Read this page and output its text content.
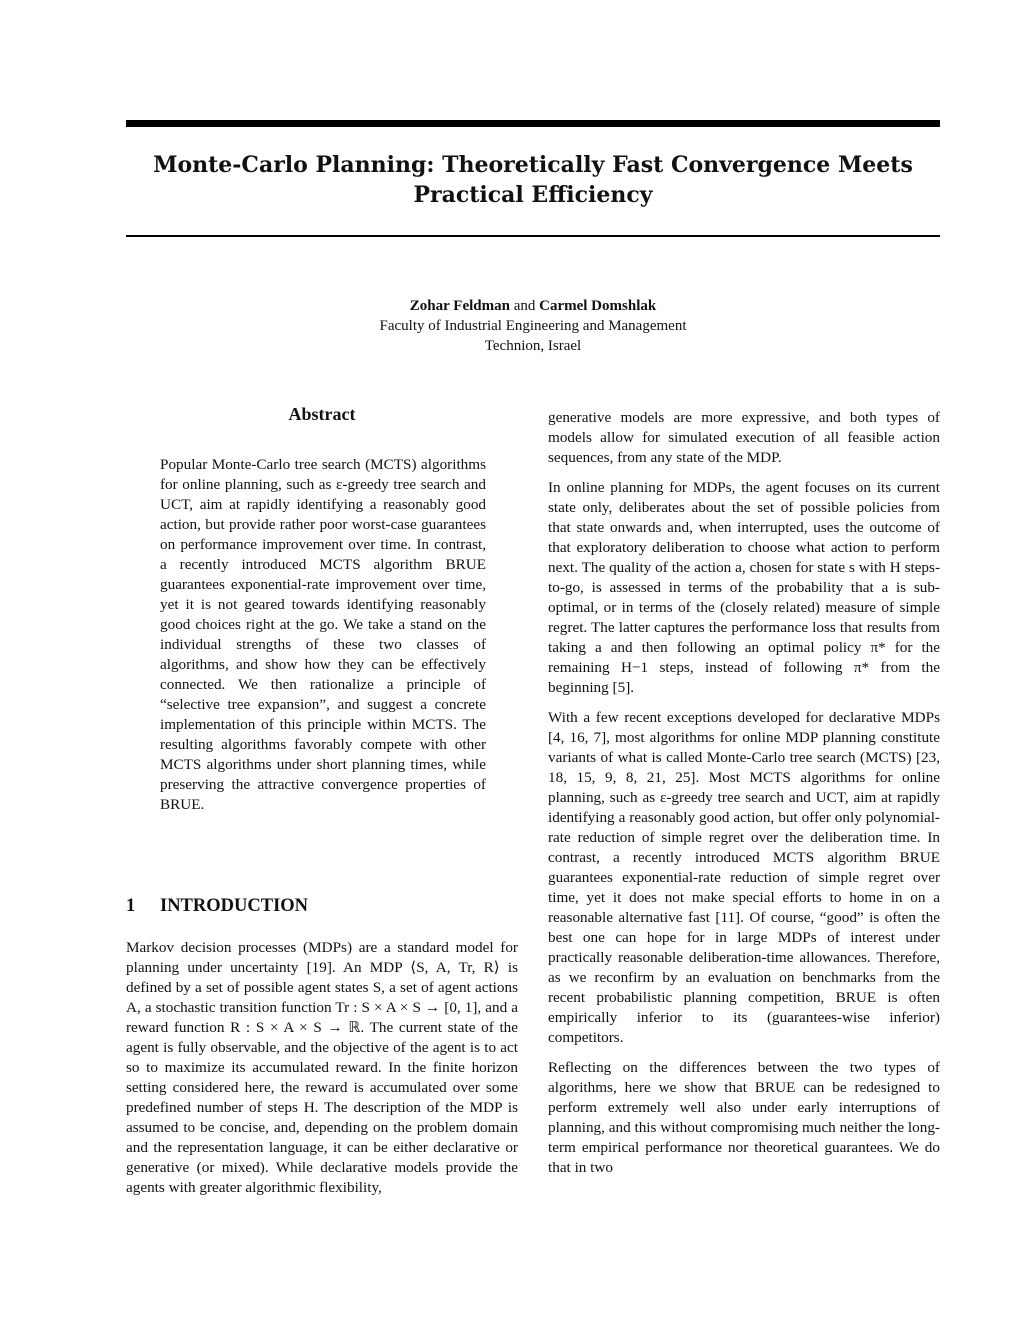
Monte-Carlo Planning: Theoretically Fast Convergence Meets
Practical Efficiency
Zohar Feldman and Carmel Domshlak
Faculty of Industrial Engineering and Management
Technion, Israel
Abstract

Popular Monte-Carlo tree search (MCTS) algorithms for online planning, such as ε-greedy tree search and UCT, aim at rapidly identifying a reasonably good action, but provide rather poor worst-case guarantees on performance improvement over time. In contrast, a recently introduced MCTS algorithm BRUE guarantees exponential-rate improvement over time, yet it is not geared towards identifying reasonably good choices right at the go. We take a stand on the individual strengths of these two classes of algorithms, and show how they can be effectively connected. We then rationalize a principle of “selective tree expansion”, and suggest a concrete implementation of this principle within MCTS. The resulting algorithms favorably compete with other MCTS algorithms under short planning times, while preserving the attractive convergence properties of BRUE.

1 INTRODUCTION

Markov decision processes (MDPs) are a standard model for planning under uncertainty [19]. An MDP ⟨S, A, Tr, R⟩ is defined by a set of possible agent states S, a set of agent actions A, a stochastic transition function Tr : S × A × S → [0, 1], and a reward function R : S × A × S → ℝ. The current state of the agent is fully observable, and the objective of the agent is to act so to maximize its accumulated reward. In the finite horizon setting considered here, the reward is accumulated over some predefined number of steps H. The description of the MDP is assumed to be concise, and, depending on the problem domain and the representation language, it can be either declarative or generative (or mixed). While declarative models provide the agents with greater algorithmic flexibility,

generative models are more expressive, and both types of models allow for simulated execution of all feasible action sequences, from any state of the MDP.

In online planning for MDPs, the agent focuses on its current state only, deliberates about the set of possible policies from that state onwards and, when interrupted, uses the outcome of that exploratory deliberation to choose what action to perform next. The quality of the action a, chosen for state s with H steps-to-go, is assessed in terms of the probability that a is sub-optimal, or in terms of the (closely related) measure of simple regret. The latter captures the performance loss that results from taking a and then following an optimal policy π* for the remaining H−1 steps, instead of following π* from the beginning [5].

With a few recent exceptions developed for declarative MDPs [4, 16, 7], most algorithms for online MDP planning constitute variants of what is called Monte-Carlo tree search (MCTS) [23, 18, 15, 9, 8, 21, 25]. Most MCTS algorithms for online planning, such as ε-greedy tree search and UCT, aim at rapidly identifying a reasonably good action, but offer only polynomial-rate reduction of simple regret over the deliberation time. In contrast, a recently introduced MCTS algorithm BRUE guarantees exponential-rate reduction of simple regret over time, yet it does not make special efforts to home in on a reasonable alternative fast [11]. Of course, “good” is often the best one can hope for in large MDPs of interest under practically reasonable deliberation-time allowances. Therefore, as we reconfirm by an evaluation on benchmarks from the recent probabilistic planning competition, BRUE is often empirically inferior to its (guarantees-wise inferior) competitors.

Reflecting on the differences between the two types of algorithms, here we show that BRUE can be redesigned to perform extremely well also under early interruptions of planning, and this without compromising much neither the long-term empirical performance nor theoretical guarantees. We do that in two
